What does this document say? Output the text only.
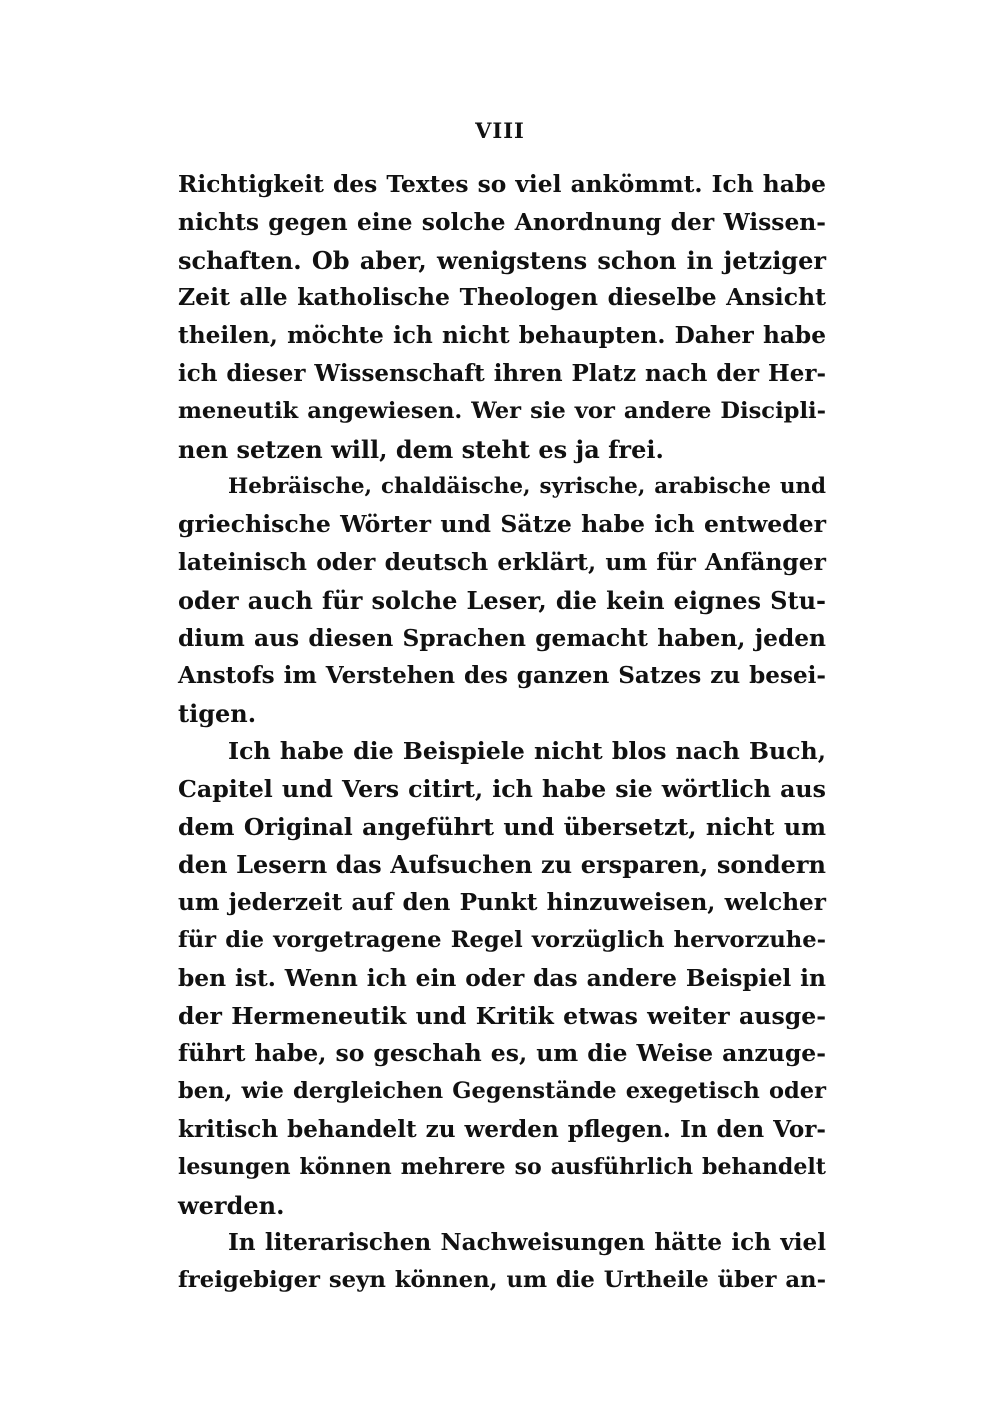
VIII
Richtigkeit des Textes so viel ankömmt. Ich habe
nichts gegen eine solche Anordnung der Wissen-
schaften. Ob aber, wenigstens schon in jetziger
Zeit alle katholische Theologen dieselbe Ansicht
theilen, möchte ich nicht behaupten. Daher habe
ich dieser Wissenschaft ihren Platz nach der Her-
meneutik angewiesen. Wer sie vor andere Discipli-
nen setzen will, dem steht es ja frei.
Hebräische, chaldäische, syrische, arabische und
griechische Wörter und Sätze habe ich entweder
lateinisch oder deutsch erklärt, um für Anfänger
oder auch für solche Leser, die kein eignes Stu-
dium aus diesen Sprachen gemacht haben, jeden
Anstofs im Verstehen des ganzen Satzes zu besei-
tigen.
Ich habe die Beispiele nicht blos nach Buch,
Capitel und Vers citirt, ich habe sie wörtlich aus
dem Original angeführt und übersetzt, nicht um
den Lesern das Aufsuchen zu ersparen, sondern
um jederzeit auf den Punkt hinzuweisen, welcher
für die vorgetragene Regel vorzüglich hervorzuhe-
ben ist. Wenn ich ein oder das andere Beispiel in
der Hermeneutik und Kritik etwas weiter ausge-
führt habe, so geschah es, um die Weise anzuge-
ben, wie dergleichen Gegenstände exegetisch oder
kritisch behandelt zu werden pflegen. In den Vor-
lesungen können mehrere so ausführlich behandelt
werden.
In literarischen Nachweisungen hätte ich viel
freigebiger seyn können, um die Urtheile über an-
